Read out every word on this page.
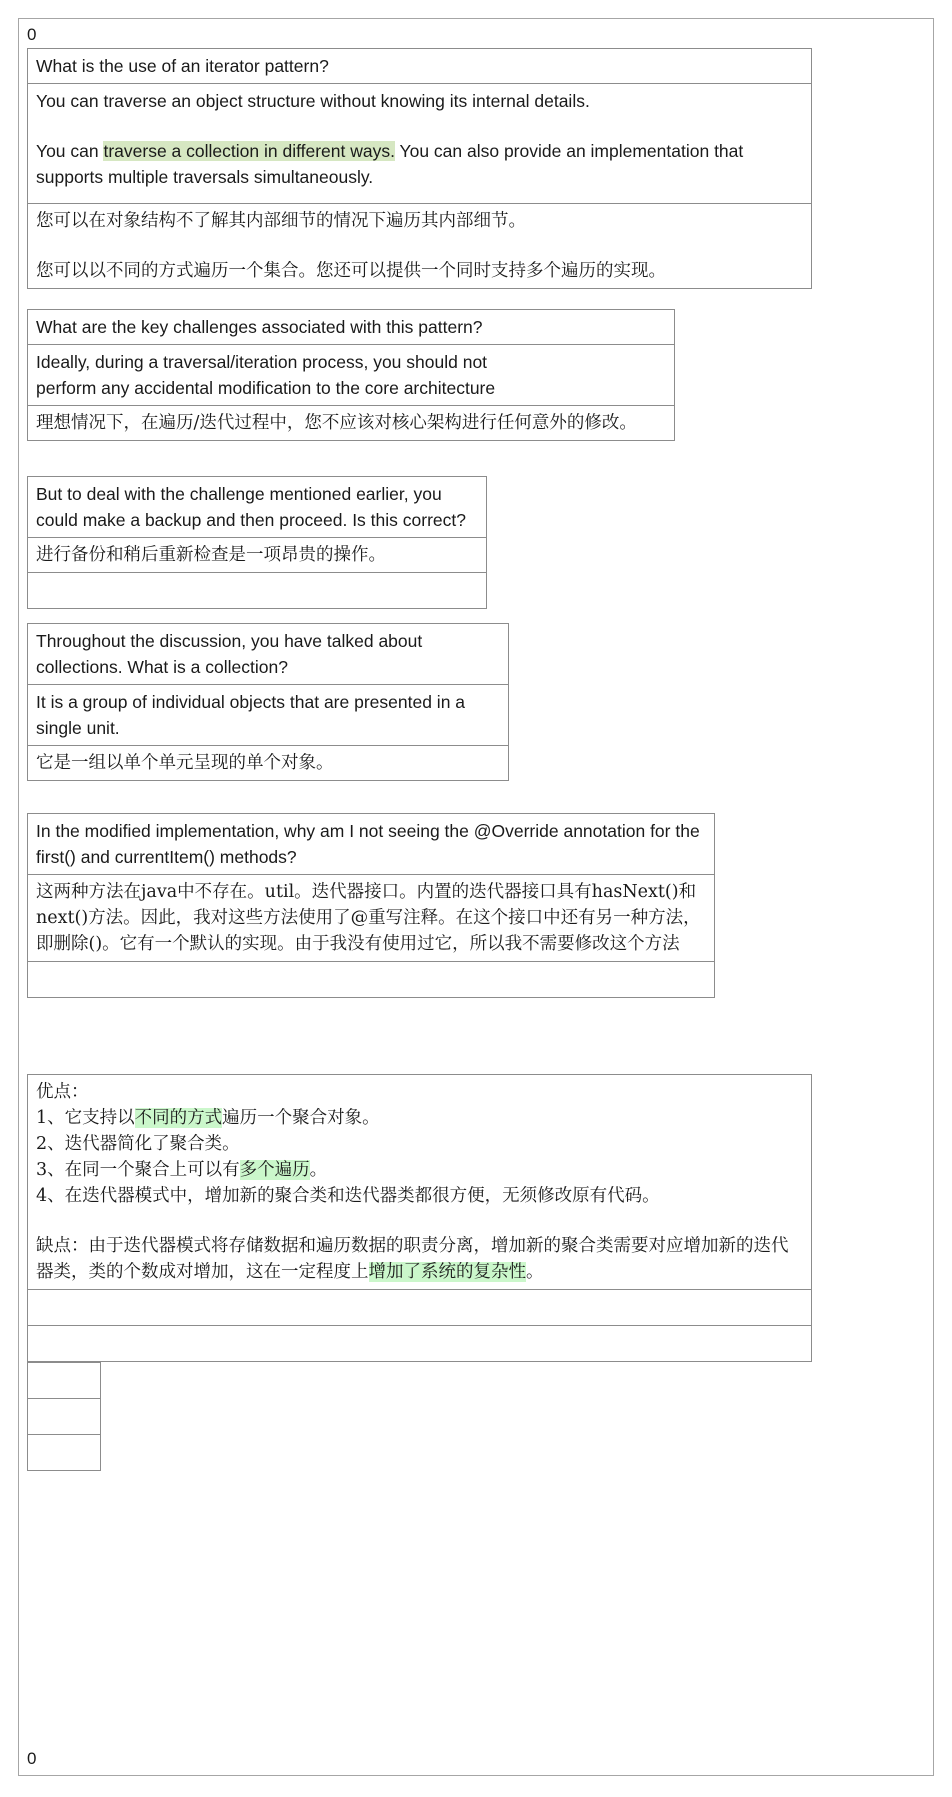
0
What is the use of an iterator pattern?

You can traverse an object structure without knowing its internal details.
You can traverse a collection in different ways. You can also provide an implementation that supports multiple traversals simultaneously.

您可以在对象结构不了解其内部细节的情况下遍历其内部细节。
您可以以不同的方式遍历一个集合。您还可以提供一个同时支持多个遍历的实现。
What are the key challenges associated with this pattern?

Ideally, during a traversal/iteration process, you should not perform any accidental modification to the core architecture

理想情况下，在遍历/迭代过程中，您不应该对核心架构进行任何意外的修改。
But to deal with the challenge mentioned earlier, you could make a backup and then proceed. Is this correct?
进行备份和稍后重新检查是一项昂贵的操作。

Throughout the discussion, you have talked about collections. What is a collection?
It is a group of individual objects that are presented in a single unit.
它是一组以单个单元呈现的单个对象。
In the modified implementation, why am I not seeing the @Override annotation for the first() and currentItem() methods?
这两种方法在java中不存在。util。迭代器接口。内置的迭代器接口具有hasNext()和next()方法。因此，我对这些方法使用了@重写注释。在这个接口中还有另一种方法，即删除()。它有一个默认的实现。由于我没有使用过它，所以我不需要修改这个方法

优点：
1、它支持以不同的方式遍历一个聚合对象。
2、迭代器简化了聚合类。
3、在同一个聚合上可以有多个遍历。
4、在迭代器模式中，增加新的聚合类和迭代器类都很方便，无须修改原有代码。
缺点：由于迭代器模式将存储数据和遍历数据的职责分离，增加新的聚合类需要对应增加新的迭代器类，类的个数成对增加，这在一定程度上增加了系统的复杂性。

0
